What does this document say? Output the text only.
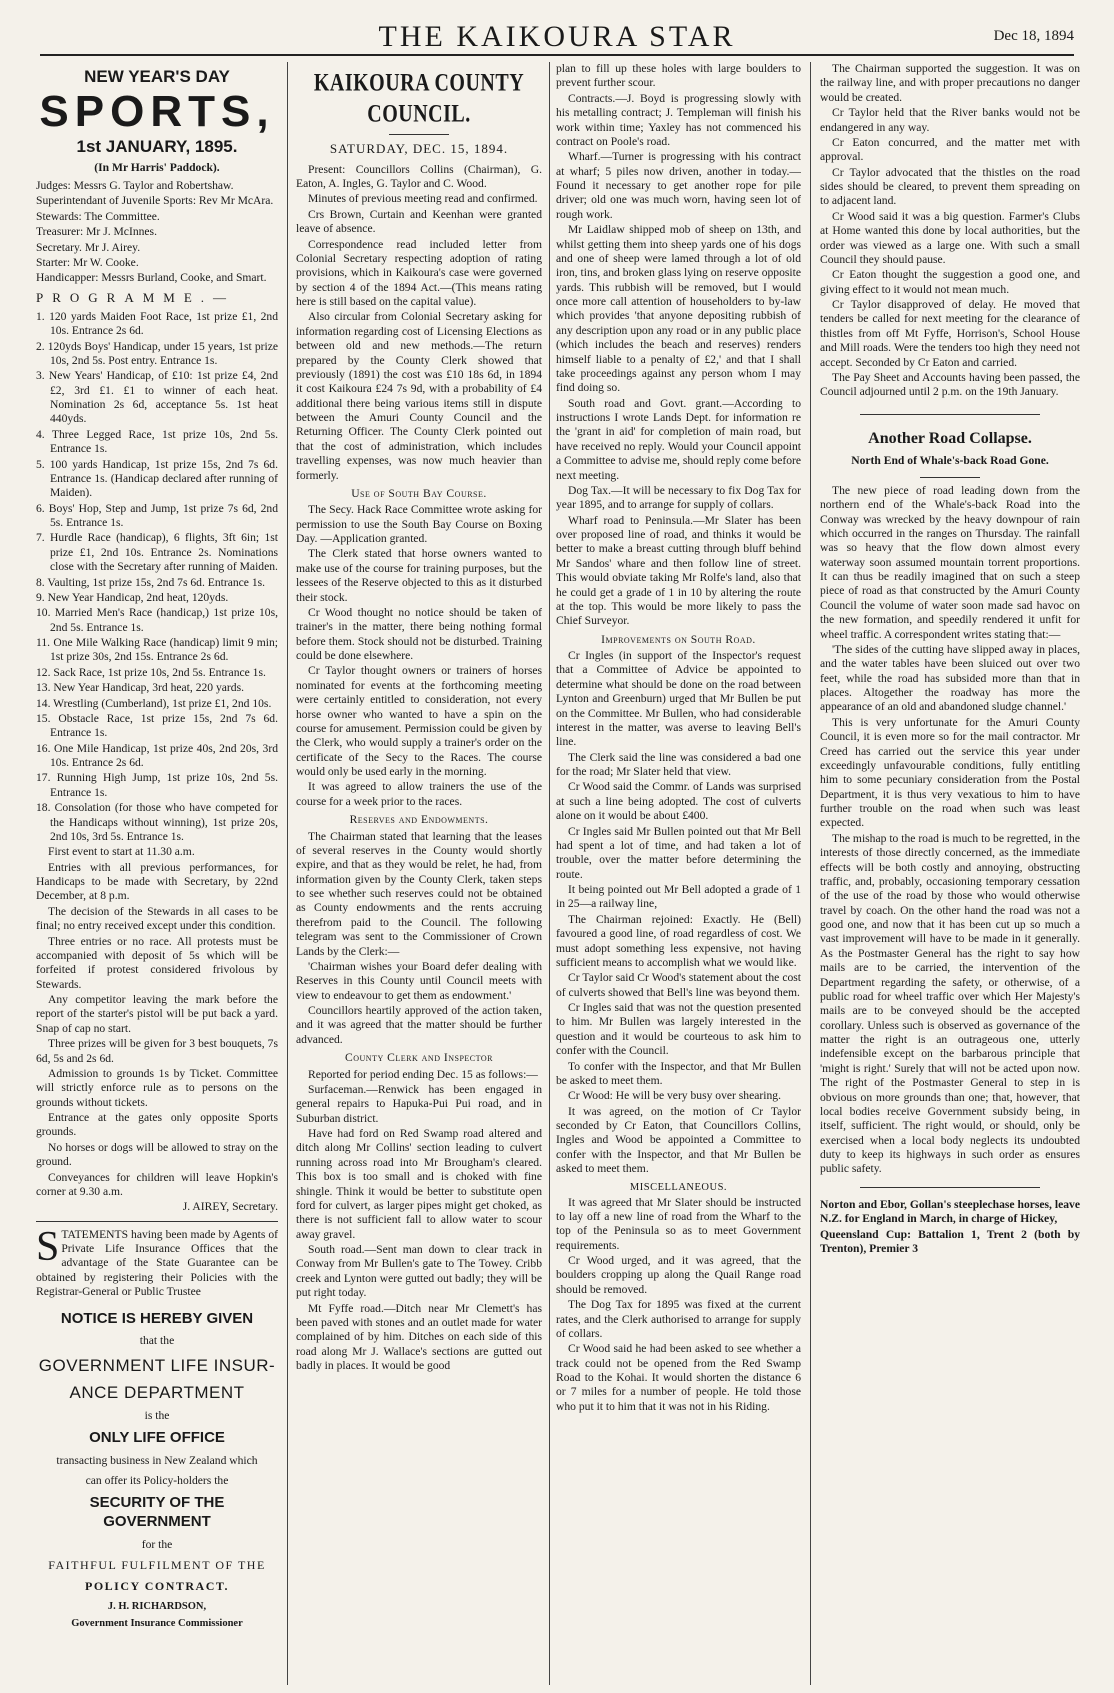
THE KAIKOURA STAR	Dec 18, 1894

NEW YEAR'S DAY

SPORTS,

1st JANUARY, 1895.

(In Mr Harris' Paddock).

Judges: Messrs G. Taylor and Robertshaw.

Superintendant of Juvenile Sports: Rev Mr McAra.

Stewards: The Committee.

Treasurer: Mr J. McInnes.

Secretary. Mr J. Airey.

Starter: Mr W. Cooke.

Handicapper: Messrs Burland, Cooke, and Smart.

PROGRAMME.—

1. 120 yards Maiden Foot Race, 1st prize £1, 2nd 10s. Entrance 2s 6d.

2. 120yds Boys' Handicap, under 15 years, 1st prize 10s, 2nd 5s. Post entry. Entrance 1s.

3. New Years' Handicap, of £10: 1st prize £4, 2nd £2, 3rd £1. £1 to winner of each heat. Nomination 2s 6d, acceptance 5s. 1st heat 440yds.

4. Three Legged Race, 1st prize 10s, 2nd 5s. Entrance 1s.

5. 100 yards Handicap, 1st prize 15s, 2nd 7s 6d. Entrance 1s. (Handicap declared after running of Maiden).

6. Boys' Hop, Step and Jump, 1st prize 7s 6d, 2nd 5s. Entrance 1s.

7. Hurdle Race (handicap), 6 flights, 3ft 6in; 1st prize £1, 2nd 10s. Entrance 2s. Nominations close with the Secretary after running of Maiden.

8. Vaulting, 1st prize 15s, 2nd 7s 6d. Entrance 1s.

9. New Year Handicap, 2nd heat, 120yds.

10. Married Men's Race (handicap,) 1st prize 10s, 2nd 5s. Entrance 1s.

11. One Mile Walking Race (handicap) limit 9 min; 1st prize 30s, 2nd 15s. Entrance 2s 6d.

12. Sack Race, 1st prize 10s, 2nd 5s. Entrance 1s.

13. New Year Handicap, 3rd heat, 220 yards.

14. Wrestling (Cumberland), 1st prize £1, 2nd 10s.

15. Obstacle Race, 1st prize 15s, 2nd 7s 6d. Entrance 1s.

16. One Mile Handicap, 1st prize 40s, 2nd 20s, 3rd 10s. Entrance 2s 6d.

17. Running High Jump, 1st prize 10s, 2nd 5s. Entrance 1s.

18. Consolation (for those who have competed for the Handicaps without winning), 1st prize 20s, 2nd 10s, 3rd 5s. Entrance 1s.

First event to start at 11.30 a.m.

Entries with all previous performances, for Handicaps to be made with Secretary, by 22nd December, at 8 p.m.

The decision of the Stewards in all cases to be final; no entry received except under this condition.

Three entries or no race. All protests must be accompanied with deposit of 5s which will be forfeited if protest considered frivolous by Stewards.

Any competitor leaving the mark before the report of the starter's pistol will be put back a yard. Snap of cap no start.

Three prizes will be given for 3 best bouquets, 7s 6d, 5s and 2s 6d.

Admission to grounds 1s by Ticket. Committee will strictly enforce rule as to persons on the grounds without tickets.

Entrance at the gates only opposite Sports grounds.

No horses or dogs will be allowed to stray on the ground.

Conveyances for children will leave Hopkin's corner at 9.30 a.m.

J. AIREY, Secretary.

STATEMENTS having been made by Agents of Private Life Insurance Offices that the advantage of the State Guarantee can be obtained by registering their Policies with the Registrar-General or Public Trustee

NOTICE IS HEREBY GIVEN

that the

GOVERNMENT LIFE INSUR-

ANCE DEPARTMENT

is the

ONLY LIFE OFFICE

transacting business in New Zealand which

can offer its Policy-holders the

SECURITY OF THE GOVERNMENT

for the

FAITHFUL FULFILMENT OF THE

POLICY CONTRACT.

J. H. RICHARDSON,

Government Insurance Commissioner

KAIKOURA COUNTY COUNCIL.

SATURDAY, DEC. 15, 1894.

Present: Councillors Collins (Chairman), G. Eaton, A. Ingles, G. Taylor and C. Wood.

Minutes of previous meeting read and confirmed.

Crs Brown, Curtain and Keenhan were granted leave of absence.

Correspondence read included letter from Colonial Secretary respecting adoption of rating provisions, which in Kaikoura's case were governed by section 4 of the 1894 Act.—(This means rating here is still based on the capital value).

Also circular from Colonial Secretary asking for information regarding cost of Licensing Elections as between old and new methods.—The return prepared by the County Clerk showed that previously (1891) the cost was £10 18s 6d, in 1894 it cost Kaikoura £24 7s 9d, with a probability of £4 additional there being various items still in dispute between the Amuri County Council and the Returning Officer. The County Clerk pointed out that the cost of administration, which includes travelling expenses, was now much heavier than formerly.

Use of South Bay Course.

The Secy. Hack Race Committee wrote asking for permission to use the South Bay Course on Boxing Day. —Application granted.

The Clerk stated that horse owners wanted to make use of the course for training purposes, but the lessees of the Reserve objected to this as it disturbed their stock.

Cr Wood thought no notice should be taken of trainer's in the matter, there being nothing formal before them. Stock should not be disturbed. Training could be done elsewhere.

Cr Taylor thought owners or trainers of horses nominated for events at the forthcoming meeting were certainly entitled to consideration, not every horse owner who wanted to have a spin on the course for amusement. Permission could be given by the Clerk, who would supply a trainer's order on the certificate of the Secy to the Races. The course would only be used early in the morning.

It was agreed to allow trainers the use of the course for a week prior to the races.

Reserves and Endowments.

The Chairman stated that learning that the leases of several reserves in the County would shortly expire, and that as they would be relet, he had, from information given by the County Clerk, taken steps to see whether such reserves could not be obtained as County endowments and the rents accruing therefrom paid to the Council. The following telegram was sent to the Commissioner of Crown Lands by the Clerk:—

'Chairman wishes your Board defer dealing with Reserves in this County until Council meets with view to endeavour to get them as endowment.'

Councillors heartily approved of the action taken, and it was agreed that the matter should be further advanced.

County Clerk and Inspector

Reported for period ending Dec. 15 as follows:—

Surfaceman.—Renwick has been engaged in general repairs to Hapuka-Pui Pui road, and in Suburban district.

Have had ford on Red Swamp road altered and ditch along Mr Collins' section leading to culvert running across road into Mr Brougham's cleared. This box is too small and is choked with fine shingle. Think it would be better to substitute open ford for culvert, as larger pipes might get choked, as there is not sufficient fall to allow water to scour away gravel.

South road.—Sent man down to clear track in Conway from Mr Bullen's gate to The Towey. Cribb creek and Lynton were gutted out badly; they will be put right today.

Mt Fyffe road.—Ditch near Mr Clemett's has been paved with stones and an outlet made for water complained of by him. Ditches on each side of this road along Mr J. Wallace's sections are gutted out badly in places. It would be good

plan to fill up these holes with large boulders to prevent further scour.

Contracts.—J. Boyd is progressing slowly with his metalling contract; J. Templeman will finish his work within time; Yaxley has not commenced his contract on Poole's road.

Wharf.—Turner is progressing with his contract at wharf; 5 piles now driven, another in today.—Found it necessary to get another rope for pile driver; old one was much worn, having seen lot of rough work.

Mr Laidlaw shipped mob of sheep on 13th, and whilst getting them into sheep yards one of his dogs and one of sheep were lamed through a lot of old iron, tins, and broken glass lying on reserve opposite yards. This rubbish will be removed, but I would once more call attention of householders to by-law which provides 'that anyone depositing rubbish of any description upon any road or in any public place (which includes the beach and reserves) renders himself liable to a penalty of £2,' and that I shall take proceedings against any person whom I may find doing so.

South road and Govt. grant.—According to instructions I wrote Lands Dept. for information re the 'grant in aid' for completion of main road, but have received no reply. Would your Council appoint a Committee to advise me, should reply come before next meeting.

Dog Tax.—It will be necessary to fix Dog Tax for year 1895, and to arrange for supply of collars.

Wharf road to Peninsula.—Mr Slater has been over proposed line of road, and thinks it would be better to make a breast cutting through bluff behind Mr Sandos' whare and then follow line of street. This would obviate taking Mr Rolfe's land, also that he could get a grade of 1 in 10 by altering the route at the top. This would be more likely to pass the Chief Surveyor.

Improvements on South Road.

Cr Ingles (in support of the Inspector's request that a Committee of Advice be appointed to determine what should be done on the road between Lynton and Greenburn) urged that Mr Bullen be put on the Committee. Mr Bullen, who had considerable interest in the matter, was averse to leaving Bell's line.

The Clerk said the line was considered a bad one for the road; Mr Slater held that view.

Cr Wood said the Commr. of Lands was surprised at such a line being adopted. The cost of culverts alone on it would be about £400.

Cr Ingles said Mr Bullen pointed out that Mr Bell had spent a lot of time, and had taken a lot of trouble, over the matter before determining the route.

It being pointed out Mr Bell adopted a grade of 1 in 25—a railway line,

The Chairman rejoined: Exactly. He (Bell) favoured a good line, of road regardless of cost. We must adopt something less expensive, not having sufficient means to accomplish what we would like.

Cr Taylor said Cr Wood's statement about the cost of culverts showed that Bell's line was beyond them.

Cr Ingles said that was not the question presented to him. Mr Bullen was largely interested in the question and it would be courteous to ask him to confer with the Council.

To confer with the Inspector, and that Mr Bullen be asked to meet them.

Cr Wood: He will be very busy over shearing.

It was agreed, on the motion of Cr Taylor seconded by Cr Eaton, that Councillors Collins, Ingles and Wood be appointed a Committee to confer with the Inspector, and that Mr Bullen be asked to meet them.

MISCELLANEOUS.

It was agreed that Mr Slater should be instructed to lay off a new line of road from the Wharf to the top of the Peninsula so as to meet Government requirements.

Cr Wood urged, and it was agreed, that the boulders cropping up along the Quail Range road should be removed.

The Dog Tax for 1895 was fixed at the current rates, and the Clerk authorised to arrange for supply of collars.

Cr Wood said he had been asked to see whether a track could not be opened from the Red Swamp Road to the Kohai. It would shorten the distance 6 or 7 miles for a number of people. He told those who put it to him that it was not in his Riding.

The Chairman supported the suggestion. It was on the railway line, and with proper precautions no danger would be created.

Cr Taylor held that the River banks would not be endangered in any way.

Cr Eaton concurred, and the matter met with approval.

Cr Taylor advocated that the thistles on the road sides should be cleared, to prevent them spreading on to adjacent land.

Cr Wood said it was a big question. Farmer's Clubs at Home wanted this done by local authorities, but the order was viewed as a large one. With such a small Council they should pause.

Cr Eaton thought the suggestion a good one, and giving effect to it would not mean much.

Cr Taylor disapproved of delay. He moved that tenders be called for next meeting for the clearance of thistles from off Mt Fyffe, Horrison's, School House and Mill roads. Were the tenders too high they need not accept. Seconded by Cr Eaton and carried.

The Pay Sheet and Accounts having been passed, the Council adjourned until 2 p.m. on the 19th January.

Another Road Collapse.

North End of Whale's-back Road Gone.

The new piece of road leading down from the northern end of the Whale's-back Road into the Conway was wrecked by the heavy downpour of rain which occurred in the ranges on Thursday. The rainfall was so heavy that the flow down almost every waterway soon assumed mountain torrent proportions. It can thus be readily imagined that on such a steep piece of road as that constructed by the Amuri County Council the volume of water soon made sad havoc on the new formation, and speedily rendered it unfit for wheel traffic. A correspondent writes stating that:—

'The sides of the cutting have slipped away in places, and the water tables have been sluiced out over two feet, while the road has subsided more than that in places. Altogether the roadway has more the appearance of an old and abandoned sludge channel.'

This is very unfortunate for the Amuri County Council, it is even more so for the mail contractor. Mr Creed has carried out the service this year under exceedingly unfavourable conditions, fully entitling him to some pecuniary consideration from the Postal Department, it is thus very vexatious to him to have further trouble on the road when such was least expected.

The mishap to the road is much to be regretted, in the interests of those directly concerned, as the immediate effects will be both costly and annoying, obstructing traffic, and, probably, occasioning temporary cessation of the use of the road by those who would otherwise travel by coach. On the other hand the road was not a good one, and now that it has been cut up so much a vast improvement will have to be made in it generally. As the Postmaster General has the right to say how mails are to be carried, the intervention of the Department regarding the safety, or otherwise, of a public road for wheel traffic over which Her Majesty's mails are to be conveyed should be the accepted corollary. Unless such is observed as governance of the matter the right is an outrageous one, utterly indefensible except on the barbarous principle that 'might is right.' Surely that will not be acted upon now. The right of the Postmaster General to step in is obvious on more grounds than one; that, however, that local bodies receive Government subsidy being, in itself, sufficient. The right would, or should, only be exercised when a local body neglects its undoubted duty to keep its highways in such order as ensures public safety.

Norton and Ebor, Gollan's steeplechase horses, leave N.Z. for England in March, in charge of Hickey,

Queensland Cup: Battalion 1, Trent 2 (both by Trenton), Premier 3
